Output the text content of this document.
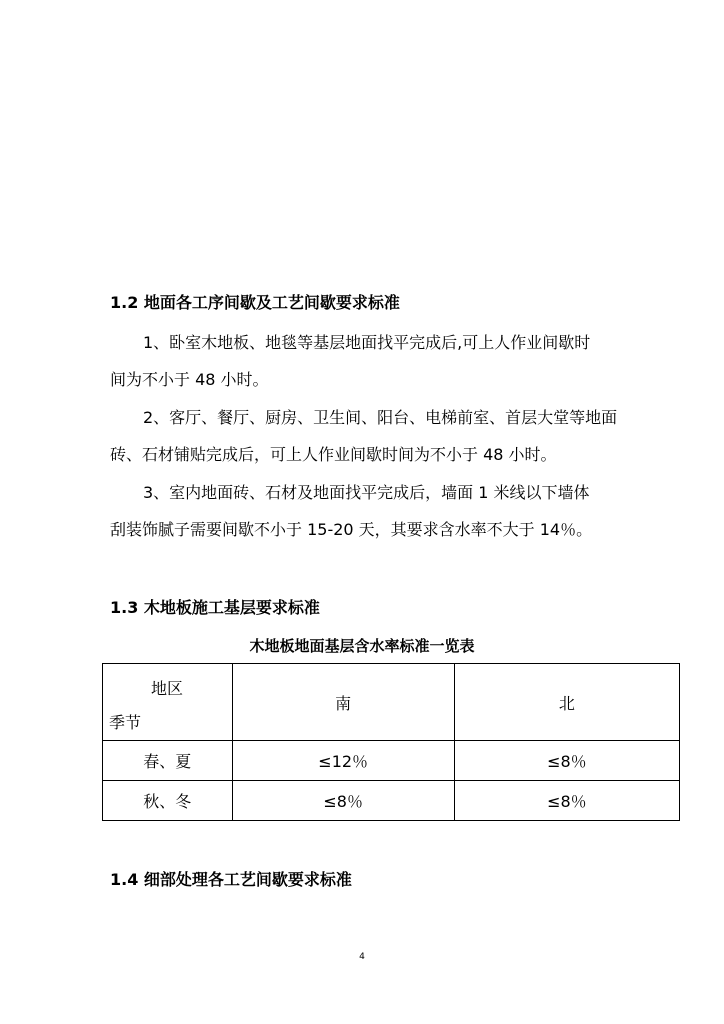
1.2 地面各工序间歇及工艺间歇要求标准
1、卧室木地板、地毯等基层地面找平完成后,可上人作业间歇时
间为不小于 48 小时。
2、客厅、餐厅、厨房、卫生间、阳台、电梯前室、首层大堂等地面
砖、石材铺贴完成后，可上人作业间歇时间为不小于 48 小时。
3、室内地面砖、石材及地面找平完成后，墙面 1 米线以下墙体
刮装饰腻子需要间歇不小于 15-20 天，其要求含水率不大于 14％。
1.3 木地板施工基层要求标准
木地板地面基层含水率标准一览表
地区
季节	南	北
春、夏	≤12％	≤8％
秋、冬	≤8％	≤8％
1.4 细部处理各工艺间歇要求标准
4
